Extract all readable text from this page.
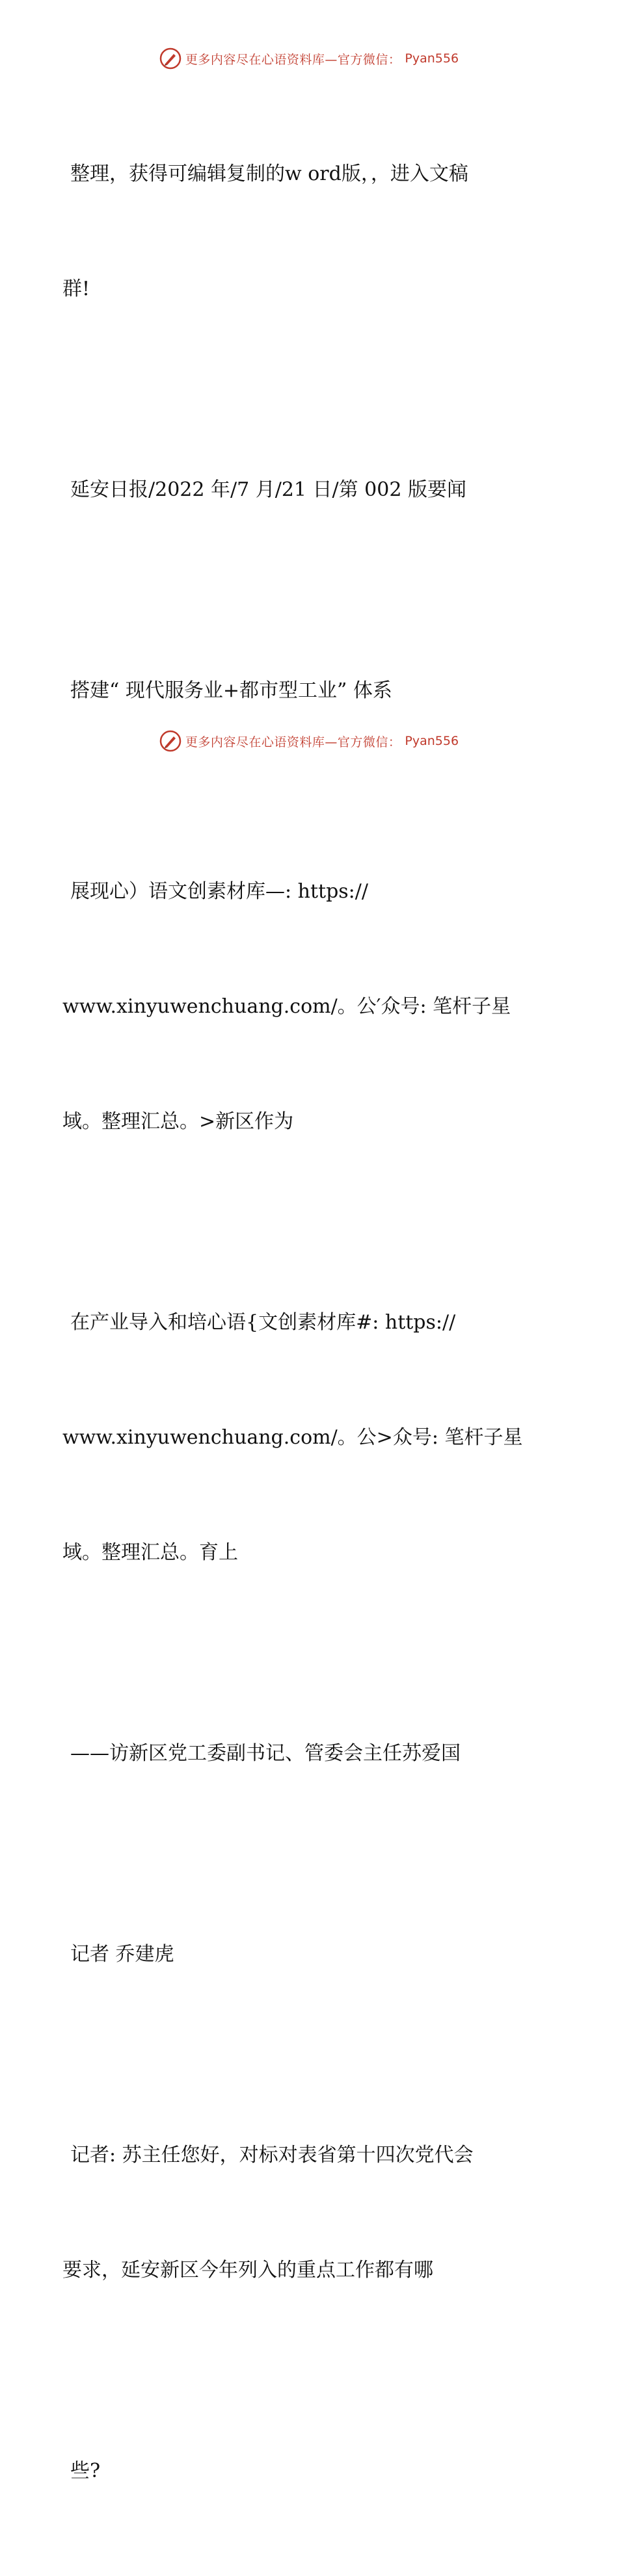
更多内容尽在心语资料库—官方微信： Pyan556

整理，获得可编辑复制的w ord版，，进入文稿

群!

延安日报/2022 年/7 月/21 日/第 002 版要闻

搭建“ 现代服务业+都市型工业” 体系

展现心）语文创素材库—: https://

www.xinyuwenchuang.com/。公′众号: 笔杆子星

域。整理汇总。>新区作为

在产业导入和培心语{文创素材库#: https://

www.xinyuwenchuang.com/。公>众号: 笔杆子星

域。整理汇总。育上

——访新区党工委副书记、管委会主任苏爱国

记者 乔建虎

记者: 苏主任您好，对标对表省第十四次党代会

要求，延安新区今年列入的重点工作都有哪

些?

更多内容尽在心语资料库—官方微信： Pyan556
